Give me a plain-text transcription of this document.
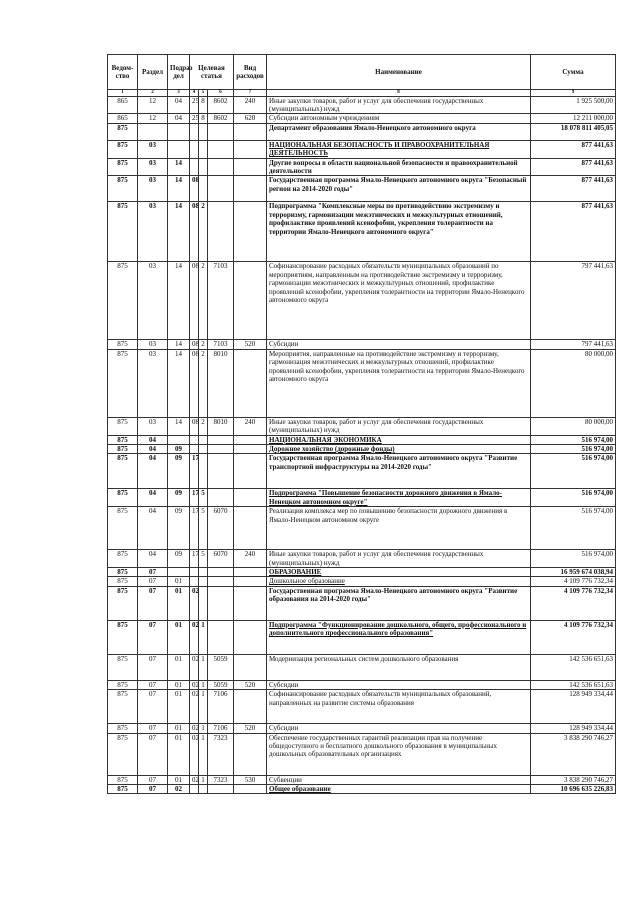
Ведом-ство	Раздел	Подраз дел	Целевая статья			Вид расходов	Наименование	Сумма
1	2	3	4	5	6	7	8	9
865	12	04	25	8	8602	240	Иные закупки товаров, работ и услуг для обеспечения государственных (муниципальных) нужд	1 925 500,00
865	12	04	25	8	8602	620	Субсидии автономным учреждениям	12 211 000,00
875							Департамент образования Ямало-Ненецкого автономного округа	18 078 811 405,05
875	03						НАЦИОНАЛЬНАЯ БЕЗОПАСНОСТЬ И ПРАВООХРАНИТЕЛЬНАЯ ДЕЯТЕЛЬНОСТЬ	877 441,63
875	03	14					Другие вопросы в области национальной безопасности и правоохранительной деятельности	877 441,63
875	03	14	08				Государственная программа Ямало-Ненецкого автономного округа "Безопасный регион на 2014-2020 годы"	877 441,63
875	03	14	08	2			Подпрограмма "Комплексные меры по противодействию экстремизму и терроризму, гармонизации межэтнических и межкультурных отношений, профилактике проявлений ксенофобии, укрепления толерантности на территории Ямало-Ненецкого автономного округа"	877 441,63
875	03	14	08	2	7103		Софинансирование расходных обязательств муниципальных образований по мероприятиям, направленным на противодействие экстремизму и терроризму, гармонизации межэтнических и межкультурных отношений, профилактике проявлений ксенофобии, укрепления толерантности на территории Ямало-Ненецкого автономного округа	797 441,63
875	03	14	08	2	7103	520	Субсидии	797 441,63
875	03	14	08	2	8010		Мероприятия, направленные на противодействие экстремизму и терроризму, гармонизация межэтнических и межкультурных отношений, профилактике проявлений ксенофобии, укрепления толерантности на территории Ямало-Ненецкого автономного округа	80 000,00
875	03	14	08	2	8010	240	Иные закупки товаров, работ и услуг для обеспечения государственных (муниципальных) нужд	80 000,00
875	04						НАЦИОНАЛЬНАЯ ЭКОНОМИКА	516 974,00
875	04	09					Дорожное хозяйство (дорожные фонды)	516 974,00
875	04	09	17				Государственная программа Ямало-Ненецкого автономного округа "Развитие транспортной инфраструктуры на 2014-2020 годы"	516 974,00
875	04	09	17	5			Подпрограмма "Повышение безопасности дорожного движения в Ямало-Ненецком автономном округе"	516 974,00
875	04	09	17	5	6070		Реализация комплекса мер по повышению безопасности дорожного движения в Ямало-Ненецком автономном округе	516 974,00
875	04	09	17	5	6070	240	Иные закупки товаров, работ и услуг для обеспечения государственных (муниципальных) нужд	516 974,00
875	07						ОБРАЗОВАНИЕ	16 959 674 038,94
875	07	01					Дошкольное образование	4 109 776 732,34
875	07	01	02				Государственная программа Ямало-Ненецкого автономного округа "Развитие образования на 2014-2020 годы"	4 109 776 732,34
875	07	01	02	1			Подпрограмма "Функционирование дошкольного, общего, профессионального и дополнительного профессионального образования"	4 109 776 732,34
875	07	01	02	1	5059		Модернизация региональных систем дошкольного образования	142 536 651,63
875	07	01	02	1	5059	520	Субсидии	142 536 651,63
875	07	01	02	1	7106		Софинансирование расходных обязательств муниципальных образований, направленных на развитие системы образования	128 949 334,44
875	07	01	02	1	7106	520	Субсидии	128 949 334,44
875	07	01	02	1	7323		Обеспечение государственных гарантий реализации прав на получение общедоступного и бесплатного дошкольного образования в муниципальных дошкольных образовательных организациях	3 838 290 746,27
875	07	01	02	1	7323	530	Субвенции	3 838 290 746,27
875	07	02					Общее образование	10 696 635 226,83
